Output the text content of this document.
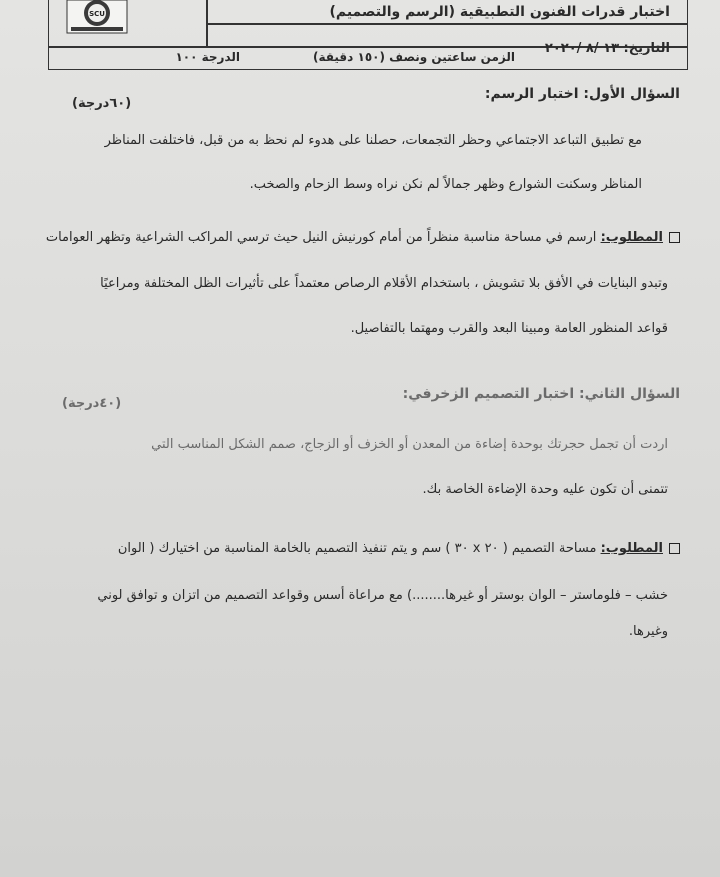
SCU	اختبار قدرات الفنون التطبيقية (الرسم والتصميم)
التاريخ: ١٣ /٨ /٢٠٢٠
الزمن ساعتين ونصف (١٥٠ دقيقة)
الدرجة ١٠٠
السؤال الأول: اختبار الرسم:
(٦٠درجة)
مع تطبيق التباعد الاجتماعي وحظر التجمعات، حصلنا على هدوء لم نحظ به من قبل، فاختلفت المناظر
المناظر وسكنت الشوارع وظهر جمالاً لم نكن نراه وسط الزحام والصخب.
المطلوب: ارسم في مساحة مناسبة منظراً من أمام كورنيش النيل حيث ترسي المراكب الشراعية وتظهر العوامات
وتبدو البنايات في الأفق بلا تشويش ، باستخدام الأقلام الرصاص معتمداً على تأثيرات الظل المختلفة ومراعيًا
قواعد المنظور العامة ومبينا البعد والقرب ومهتما بالتفاصيل.
السؤال الثاني: اختبار التصميم الزخرفي:
(٤٠درجة)
اردت أن تجمل حجرتك بوحدة إضاءة من المعدن أو الخزف أو الزجاج، صمم الشكل المناسب التي
تتمنى أن تكون عليه وحدة الإضاءة الخاصة بك.
المطلوب: مساحة التصميم ( ٢٠ x ٣٠ ) سم و يتم تنفيذ التصميم بالخامة المناسبة من اختيارك ( الوان
خشب – فلوماستر – الوان بوستر أو غيرها........) مع مراعاة أسس وقواعد التصميم من اتزان و توافق لوني
وغيرها.
